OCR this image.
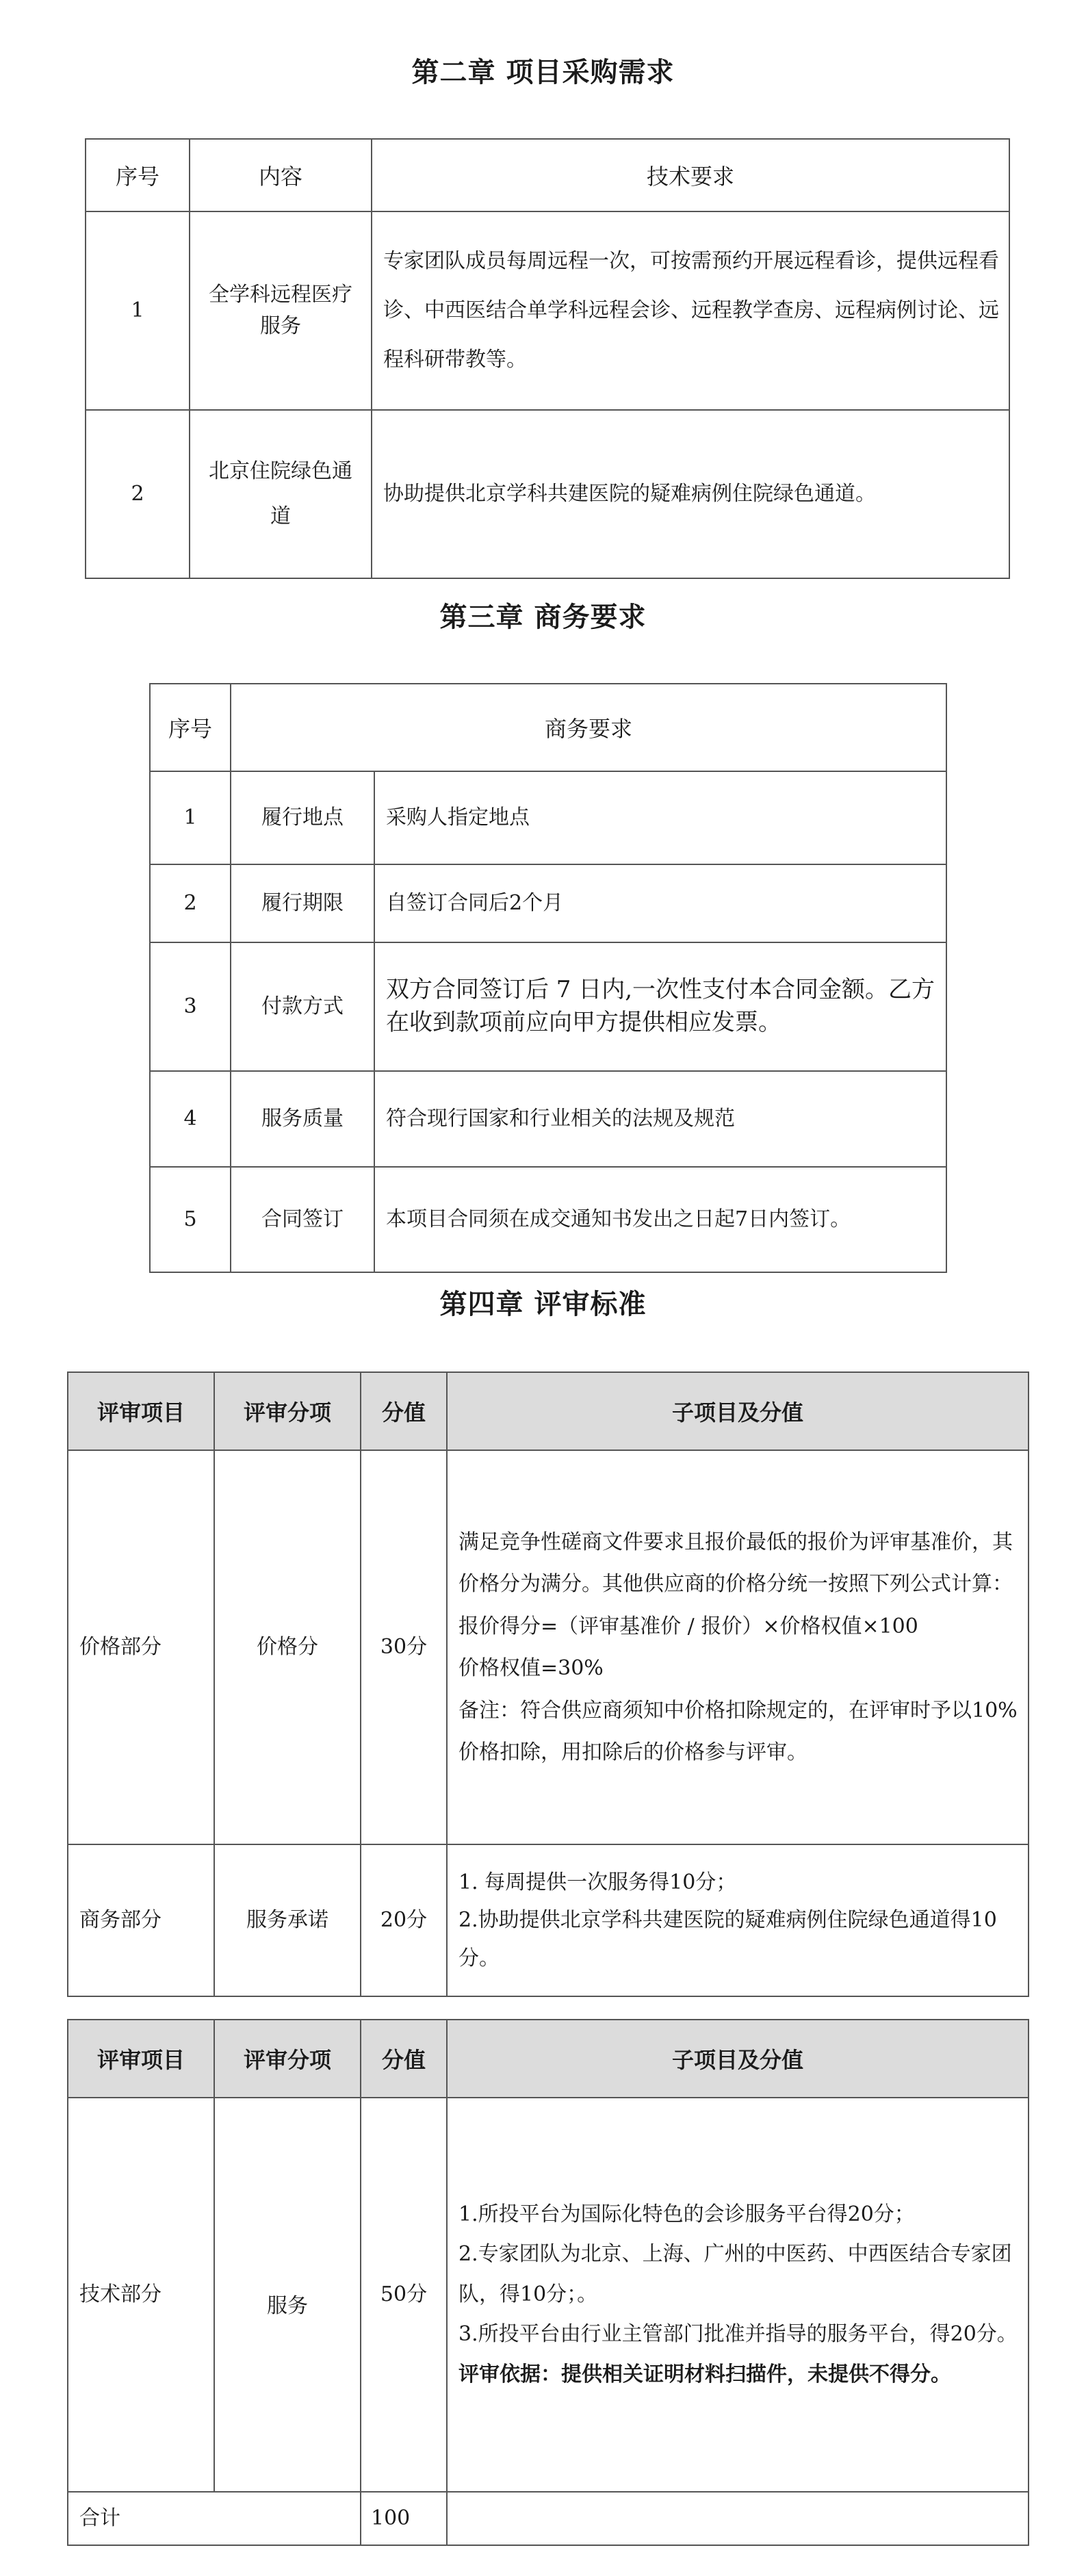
第二章 项目采购需求
序号	内容	技术要求
1	全学科远程医疗服务	专家团队成员每周远程一次，可按需预约开展远程看诊，提供远程看诊、中西医结合单学科远程会诊、远程教学查房、远程病例讨论、远程科研带教等。
2	北京住院绿色通道	协助提供北京学科共建医院的疑难病例住院绿色通道。
第三章 商务要求
序号	商务要求	
1	履行地点	采购人指定地点
2	履行期限	自签订合同后2个月
3	付款方式	双方合同签订后 7 日内,一次性支付本合同金额。乙方在收到款项前应向甲方提供相应发票。
4	服务质量	符合现行国家和行业相关的法规及规范
5	合同签订	本项目合同须在成交通知书发出之日起7日内签订。
第四章 评审标准
评审项目	评审分项	分值	子项目及分值
价格部分	价格分	30分	满足竞争性磋商文件要求且报价最低的报价为评审基准价，其价格分为满分。其他供应商的价格分统一按照下列公式计算：
报价得分=（评审基准价 / 报价）×价格权值×100
价格权值=30%
备注：符合供应商须知中价格扣除规定的，在评审时予以10%价格扣除，用扣除后的价格参与评审。

商务部分	服务承诺	20分	1. 每周提供一次服务得10分；
2.协助提供北京学科共建医院的疑难病例住院绿色通道得10分。
评审项目	评审分项	分值	子项目及分值
技术部分	服务	50分	1.所投平台为国际化特色的会诊服务平台得20分；
2.专家团队为北京、上海、广州的中医药、中西医结合专家团队，得10分；。
3.所投平台由行业主管部门批准并指导的服务平台，得20分。
评审依据：提供相关证明材料扫描件，未提供不得分。

合计		100	
